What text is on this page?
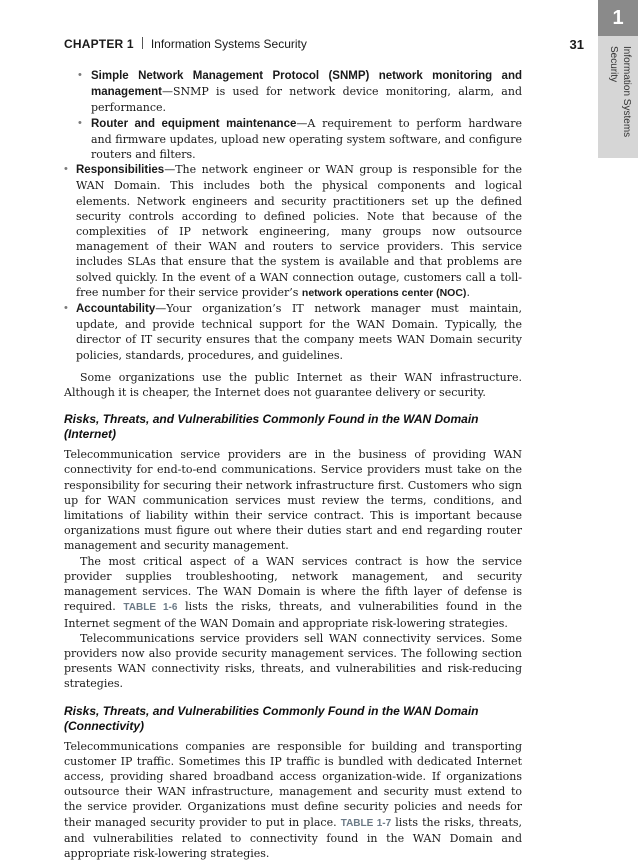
1
Information Systems Security
CHAPTER 1 Information Systems Security	31
• Simple Network Management Protocol (SNMP) network monitoring and management—SNMP is used for network device monitoring, alarm, and performance.
• Router and equipment maintenance—A requirement to perform hardware and firmware updates, upload new operating system software, and configure routers and filters.
• Responsibilities—The network engineer or WAN group is responsible for the WAN Domain. This includes both the physical components and logical elements. Network engineers and security practitioners set up the defined security controls according to defined policies. Note that because of the complexities of IP network engineering, many groups now outsource management of their WAN and routers to service providers. This service includes SLAs that ensure that the system is available and that problems are solved quickly. In the event of a WAN connection outage, customers call a toll-free number for their service provider’s network operations center (NOC).
• Accountability—Your organization’s IT network manager must maintain, update, and provide technical support for the WAN Domain. Typically, the director of IT security ensures that the company meets WAN Domain security policies, standards, procedures, and guidelines.

Some organizations use the public Internet as their WAN infrastructure. Although it is cheaper, the Internet does not guarantee delivery or security.

Risks, Threats, and Vulnerabilities Commonly Found in the WAN Domain (Internet)

Telecommunication service providers are in the business of providing WAN connectivity for end-to-end communications. Service providers must take on the responsibility for securing their network infrastructure first. Customers who sign up for WAN communication services must review the terms, conditions, and limitations of liability within their service contract. This is important because organizations must figure out where their duties start and end regarding router management and security management.

The most critical aspect of a WAN services contract is how the service provider supplies troubleshooting, network management, and security management services. The WAN Domain is where the fifth layer of defense is required. TABLE 1-6 lists the risks, threats, and vulnerabilities found in the Internet segment of the WAN Domain and appropriate risk-lowering strategies.

Telecommunications service providers sell WAN connectivity services. Some providers now also provide security management services. The following section presents WAN connectivity risks, threats, and vulnerabilities and risk-reducing strategies.

Risks, Threats, and Vulnerabilities Commonly Found in the WAN Domain (Connectivity)

Telecommunications companies are responsible for building and transporting customer IP traffic. Sometimes this IP traffic is bundled with dedicated Internet access, providing shared broadband access organization-wide. If organizations outsource their WAN infrastructure, management and security must extend to the service provider. Organizations must define security policies and needs for their managed security provider to put in place. TABLE 1-7 lists the risks, threats, and vulnerabilities related to connectivity found in the WAN Domain and appropriate risk-lowering strategies.
